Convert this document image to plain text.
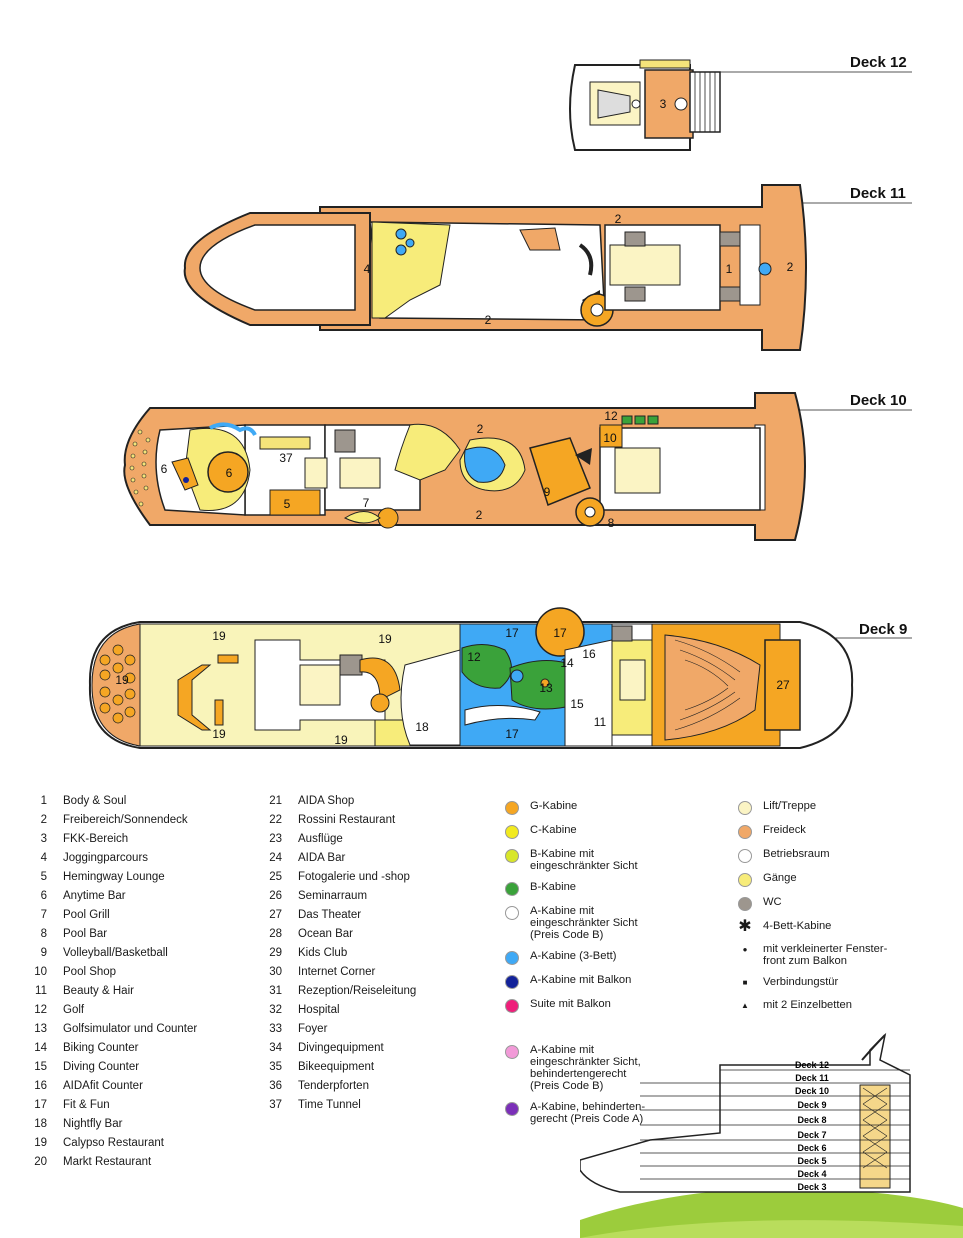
3
4
2
2
1	2
6	6
37
5	7
2
2
9
12
10
8
19	19
19
19	19
18
12
17	17
17
13
14
16
15
11
27
Deck 12
Deck 11
Deck 10
Deck 9
1 Body & Soul
2 Freibereich/Sonnendeck
3 FKK-Bereich
4 Joggingparcours
5 Hemingway Lounge
6 Anytime Bar
7 Pool Grill
8 Pool Bar
9 Volleyball/Basketball
10 Pool Shop
11 Beauty & Hair
12 Golf
13 Golfsimulator und Counter
14 Biking Counter
15 Diving Counter
16 AIDAfit Counter
17 Fit & Fun
18 Nightfly Bar
19 Calypso Restaurant
20 Markt Restaurant
21 AIDA Shop
22 Rossini Restaurant
23 Ausflüge
24 AIDA Bar
25 Fotogalerie und -shop
26 Seminarraum
27 Das Theater
28 Ocean Bar
29 Kids Club
30 Internet Corner
31 Rezeption/Reiseleitung
32 Hospital
33 Foyer
34 Divingequipment
35 Bikeequipment
36 Tenderpforten
37 Time Tunnel
G-Kabine
C-Kabine
B-Kabine mit
eingeschränkter Sicht
B-Kabine
A-Kabine mit
eingeschränkter Sicht
(Preis Code B)
A-Kabine (3-Bett)
A-Kabine mit Balkon
Suite mit Balkon
A-Kabine mit
eingeschränkter Sicht,
behindertengerecht
(Preis Code B)
A-Kabine, behinderten-
gerecht (Preis Code A)
Lift/Treppe
Freideck
Betriebsraum
Gänge
WC
✱ 4-Bett-Kabine
●	mit verkleinerter Fenster-
front zum Balkon
■	Verbindungstür
▲ mit 2 Einzelbetten
Deck 12
Deck 11
Deck 10
Deck 9
Deck 8
Deck 7
Deck 6
Deck 5
Deck 4
Deck 3
